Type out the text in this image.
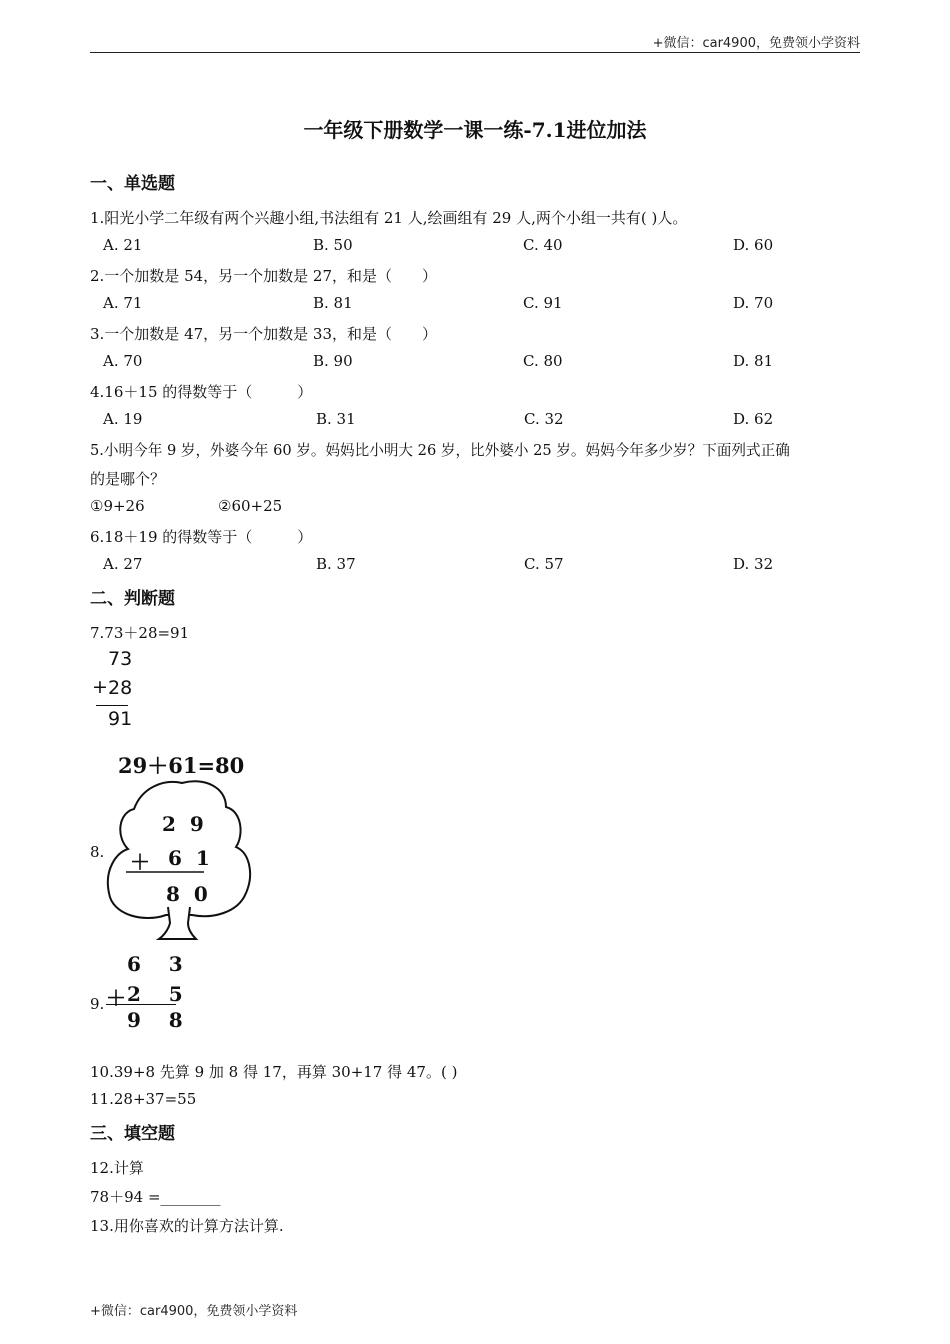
+微信：car4900，免费领小学资料
一年级下册数学一课一练-7.1进位加法
一、单选题
1.阳光小学二年级有两个兴趣小组,书法组有 21 人,绘画组有 29 人,两个小组一共有( )人。
A. 21	B. 50	C. 40	D. 60
2.一个加数是 54，另一个加数是 27，和是（　　）
A. 71	B. 81	C. 91	D. 70
3.一个加数是 47，另一个加数是 33，和是（　　）
A. 70	B. 90	C. 80	D. 81
4.16＋15 的得数等于（　　　）
A. 19	B. 31	C. 32	D. 62
5.小明今年 9 岁，外婆今年 60 岁。妈妈比小明大 26 岁，比外婆小 25 岁。妈妈今年多少岁？下面列式正确
的是哪个？
①9+26	②60+25
6.18＋19 的得数等于（　　　）
A. 27	B. 37	C. 57	D. 32
二、判断题
7.73＋28=91
73
+ 28
91
8.
29＋61=80
2  9
＋ 6  1
8  0
6    3
9. ＋ 2    5
9    8
10.39+8 先算 9 加 8 得 17，再算 30+17 得 47。( )
11.28+37=55
三、填空题
12.计算
78＋94 =________
13.用你喜欢的计算方法计算.
+微信：car4900，免费领小学资料
